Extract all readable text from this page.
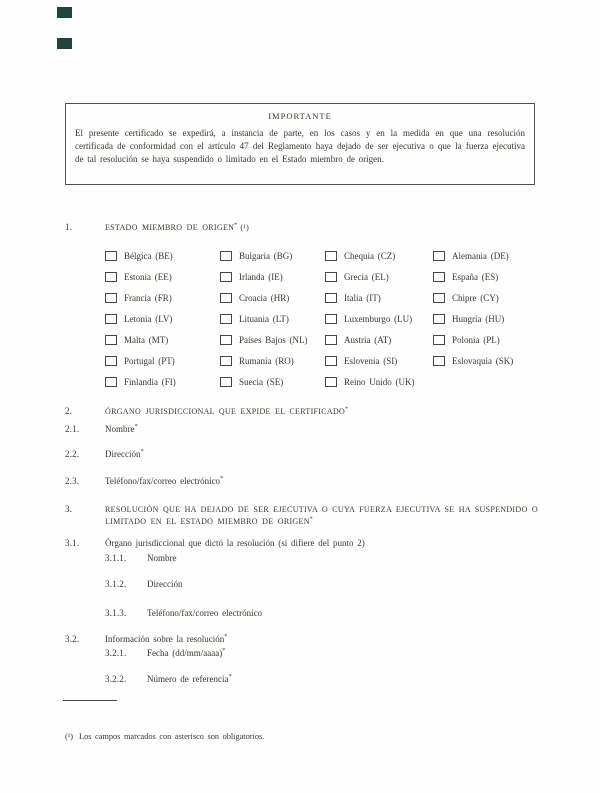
IMPORTANTE
El presente certificado se expedirá, a instancia de parte, en los casos y en la medida en que una resolución certificada de conformidad con el artículo 47 del Reglamento haya dejado de ser ejecutiva o que la fuerza ejecutiva de tal resolución se haya suspendido o limitado en el Estado miembro de origen.
1.	ESTADO MIEMBRO DE ORIGEN* (¹)
Bélgica (BE)	Bulgaria (BG)	Chequia (CZ)	Alemania (DE)
Estonia (EE)	Irlanda (IE)	Grecia (EL)	España (ES)
Francia (FR)	Croacia (HR)	Italia (IT)	Chipre (CY)
Letonia (LV)	Lituania (LT)	Luxemburgo (LU)	Hungría (HU)
Malta (MT)	Países Bajos (NL)	Austria (AT)	Polonia (PL)
Portugal (PT)	Rumanía (RO)	Eslovenia (SI)	Eslovaquia (SK)
Finlandia (FI)	Suecia (SE)	Reino Unido (UK)
2.	ÓRGANO JURISDICCIONAL QUE EXPIDE EL CERTIFICADO*
2.1.	Nombre*
2.2.	Dirección*
2.3.	Teléfono/fax/correo electrónico*
3.	RESOLUCIÓN QUE HA DEJADO DE SER EJECUTIVA O CUYA FUERZA EJECUTIVA SE HA SUSPENDIDO O LIMITADO EN EL ESTADO MIEMBRO DE ORIGEN*
3.1.	Órgano jurisdiccional que dictó la resolución (si difiere del punto 2)
3.1.1.	Nombre
3.1.2.	Dirección
3.1.3.	Teléfono/fax/correo electrónico
3.2.	Información sobre la resolución*
3.2.1.	Fecha (dd/mm/aaaa)*
3.2.2.	Número de referencia*
(¹) Los campos marcados con asterisco son obligatorios.
